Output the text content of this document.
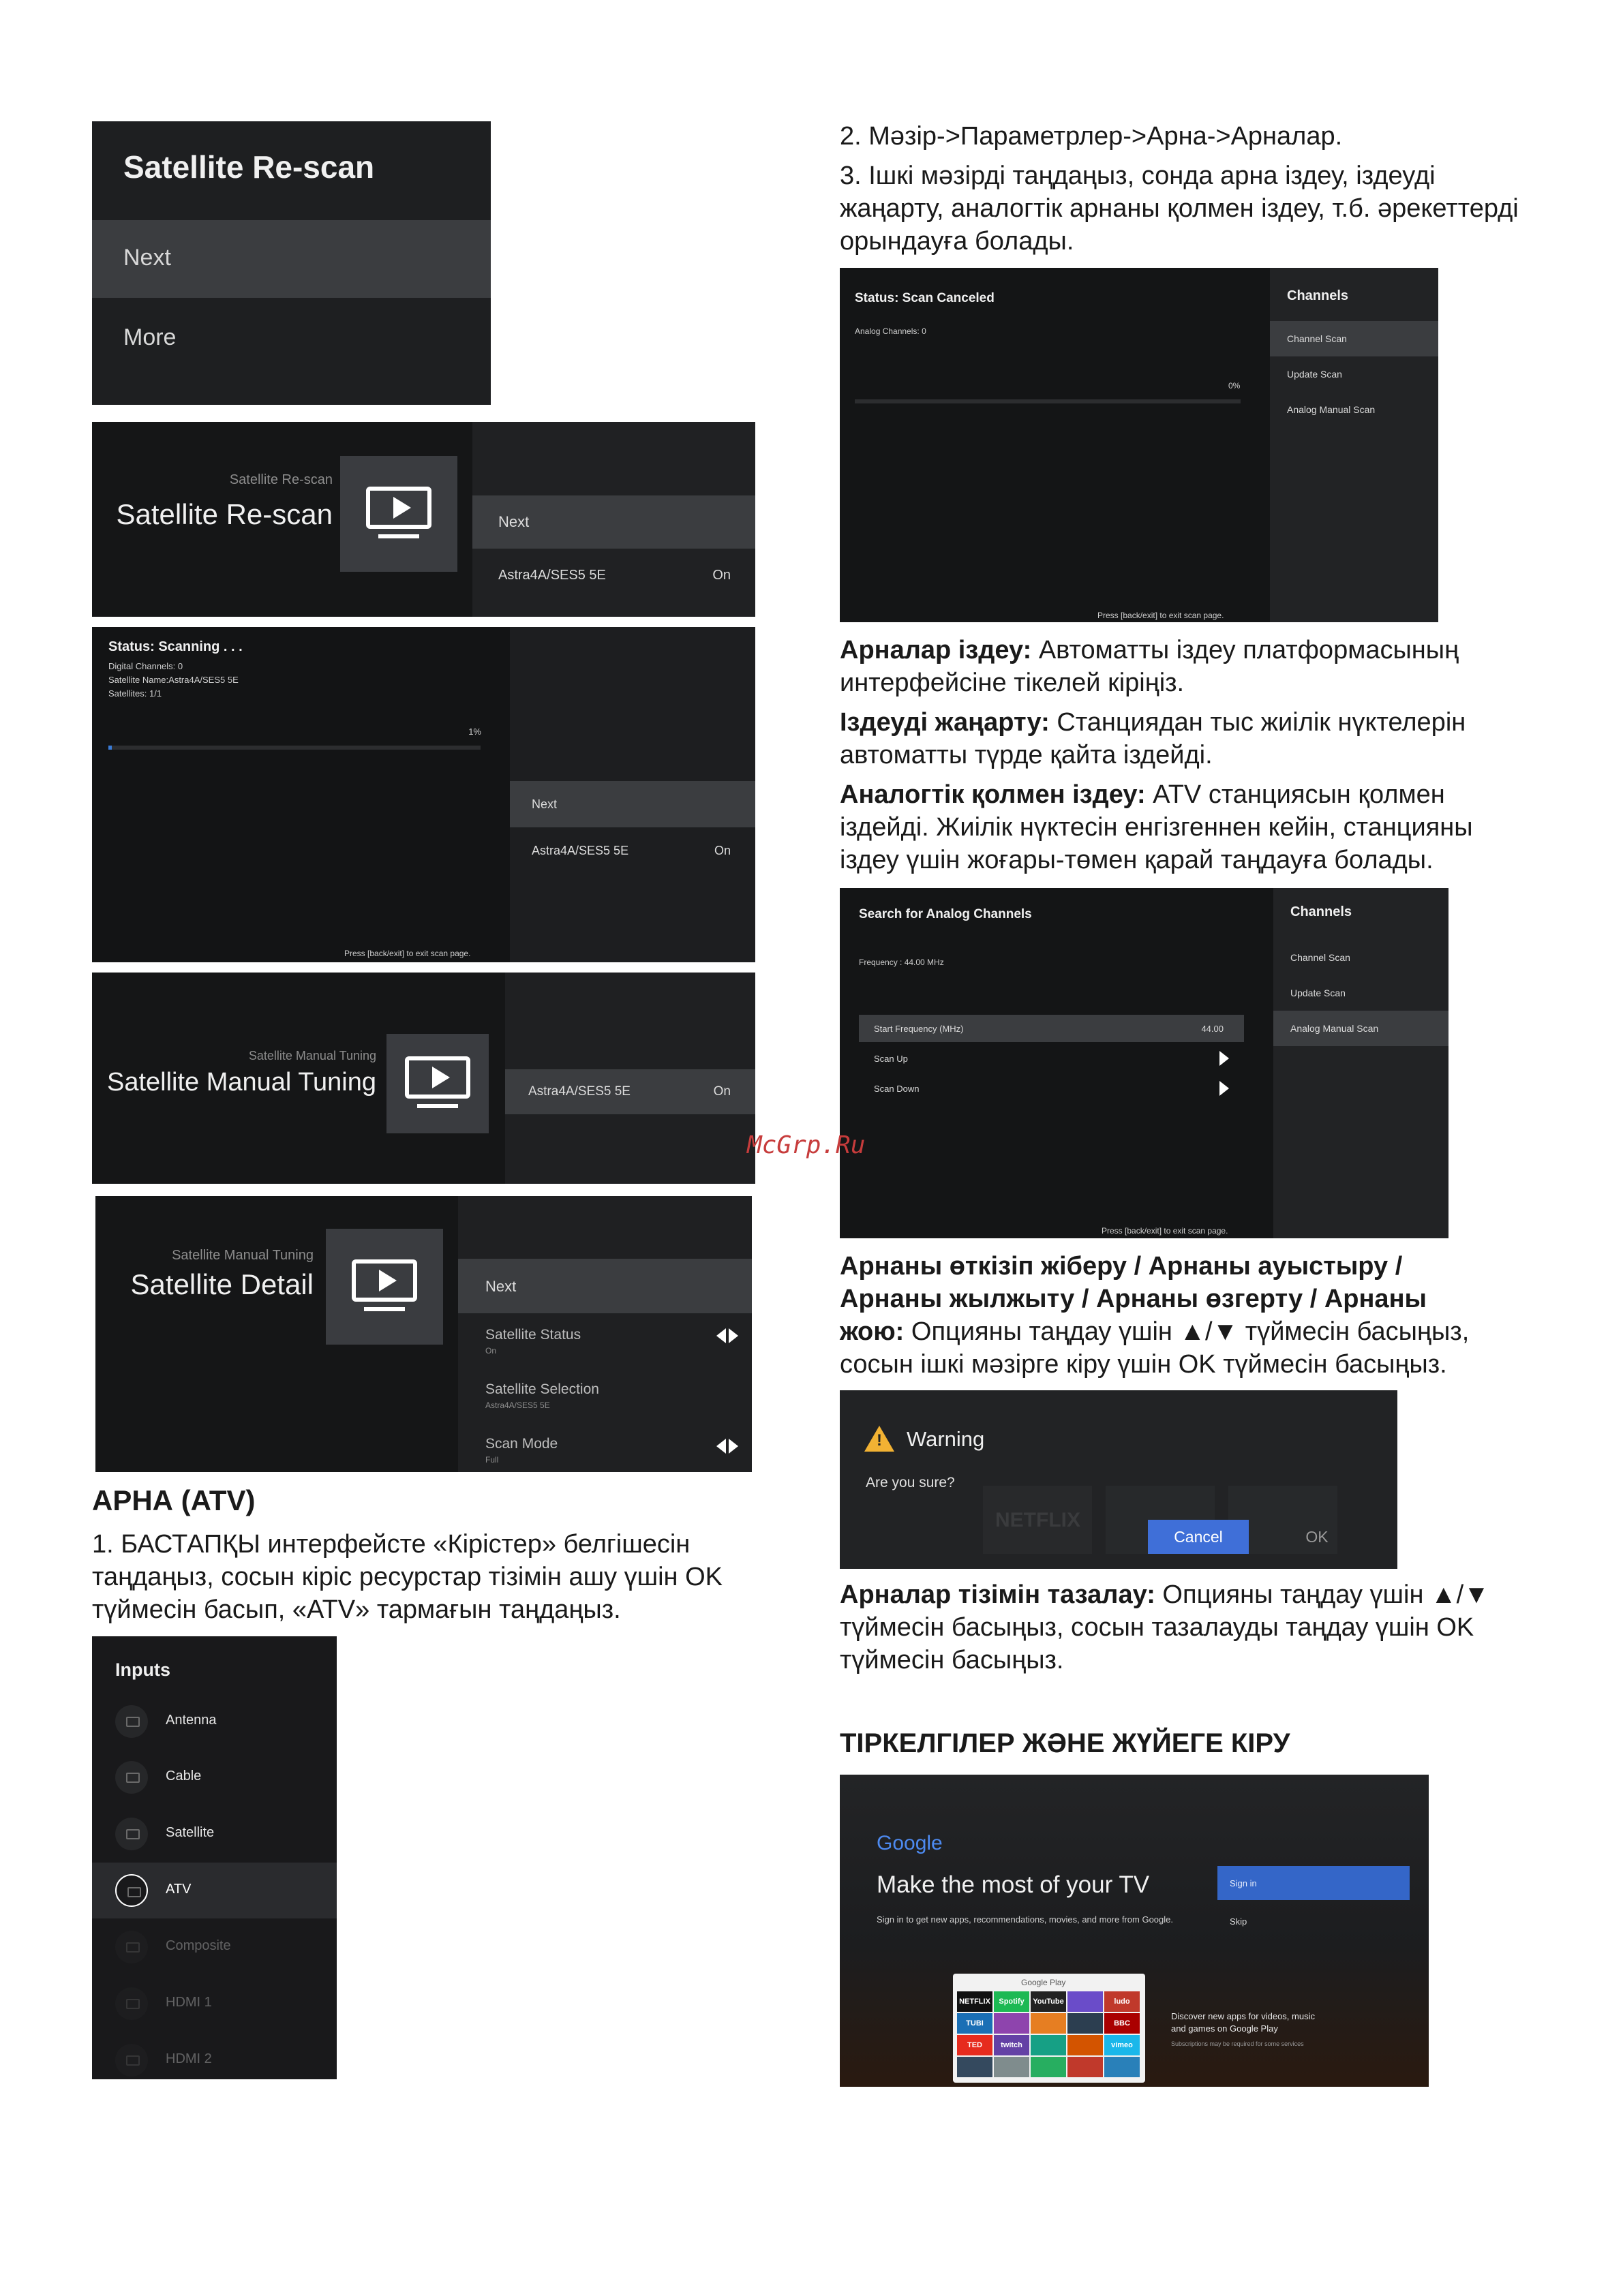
Satellite Re-scan
Next
More
Satellite Re-scan
Satellite Re-scan	Next
Astra4A/SES5 5E	On
Status: Scanning . . .
Digital Channels: 0
Satellite Name:Astra4A/SES5 5E
Satellites: 1/1
1%
Press [back/exit] to exit scan page.
Next
Astra4A/SES5 5E	On
Satellite Manual Tuning
Satellite Manual Tuning	Astra4A/SES5 5E	On
Satellite Manual Tuning
Satellite Detail	Next
Satellite Status
On

Satellite Selection
Astra4A/SES5 5E
Scan Mode
Full

АРНА (ATV)
1. БАСТАПҚЫ интерфейсте «Кірістер» белгішесін таңдаңыз, сосын кіріс ресурстар тізімін ашу үшін OK түймесін басып, «ATV» тармағын таңдаңыз.
Inputs
Antenna
Cable
Satellite
ATV
Composite
HDMI 1
HDMI 2
2. Мәзір->Параметрлер->Арна->Арналар.
3. Ішкі мәзірді таңдаңыз, сонда арна іздеу, іздеуді жаңарту, аналогтік арнаны қолмен іздеу, т.б. әрекеттерді орындауға болады.
Status: Scan Canceled
Analog Channels: 0
0%
Press [back/exit] to exit scan page.
Channels
Channel Scan
Update Scan
Analog Manual Scan
Арналар іздеу: Автоматты іздеу платформасының интерфейсіне тікелей кіріңіз.
Іздеуді жаңарту: Станциядан тыс жиілік нүктелерін автоматты түрде қайта іздейді.
Аналогтік қолмен іздеу: ATV станциясын қолмен іздейді. Жиілік нүктесін енгізгеннен кейін, станцияны іздеу үшін жоғары-төмен қарай таңдауға болады.
Search for Analog Channels
Frequency : 44.00 MHz
Start Frequency (MHz)	44.00
Scan Up
Scan Down
Press [back/exit] to exit scan page.
Channels
Channel Scan
Update Scan
Analog Manual Scan
McGrp.Ru
Арнаны өткізіп жіберу / Арнаны ауыстыру / Арнаны жылжыту / Арнаны өзгерту / Арнаны жою: Опцияны таңдау үшін ▲/▼ түймесін басыңыз, сосын ішкі мәзірге кіру үшін OK түймесін басыңыз.
NETFLIX
! Warning
Are you sure?
Cancel	OK
Арналар тізімін тазалау: Опцияны таңдау үшін ▲/▼ түймесін басыңыз, сосын тазалауды таңдау үшін OK түймесін басыңыз.
ТІРКЕЛГІЛЕР ЖӘНЕ ЖҮЙЕГЕ КІРУ
Google
Make the most of your TV
Sign in to get new apps, recommendations, movies, and more from Google.
Sign in
Skip
Google Play
NETFLIX	Spotify	YouTube	ludo
TUBI	BBC
TED	twitch	vimeo
Discover new apps for videos, music and games on Google Play
Subscriptions may be required for some services
